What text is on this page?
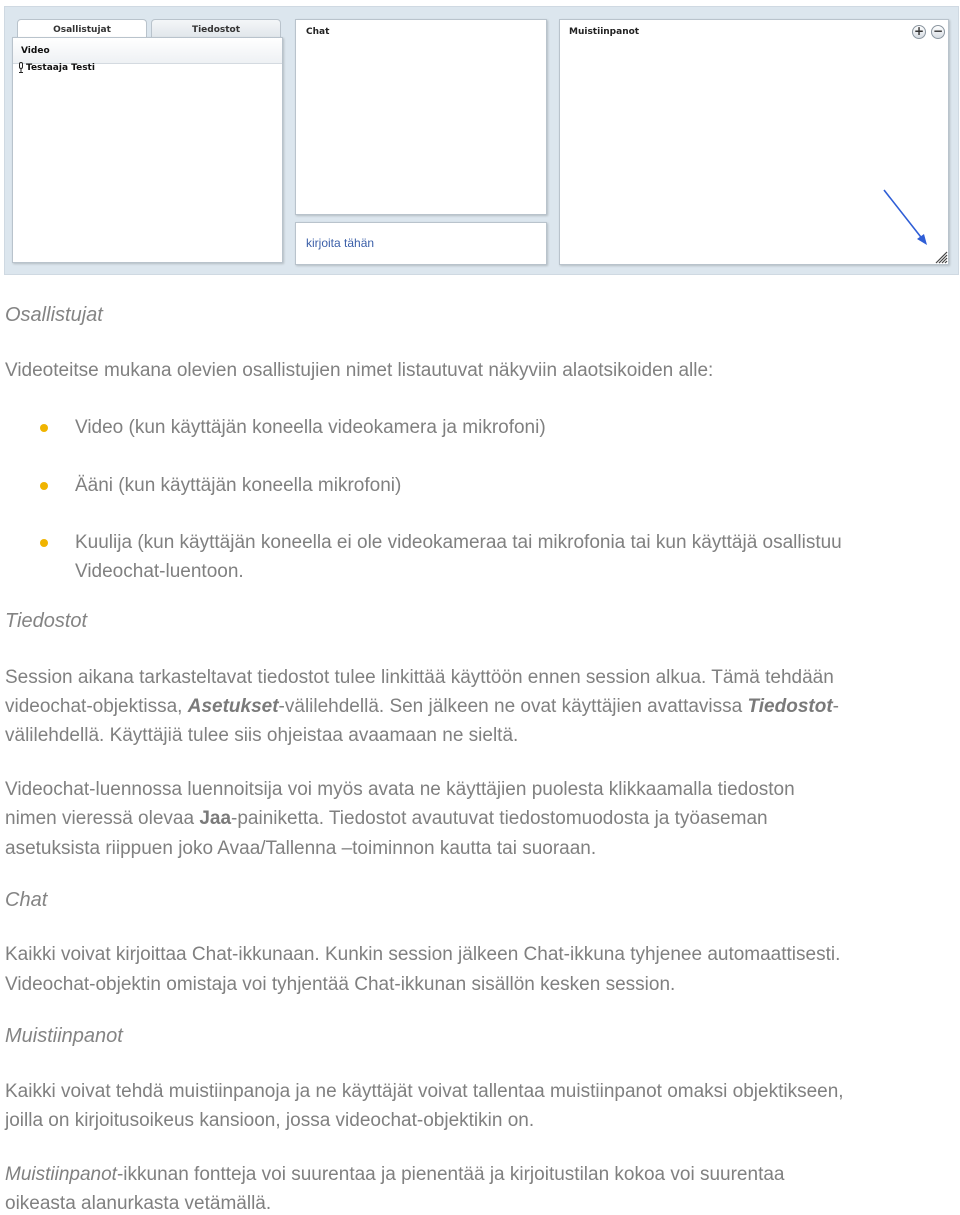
Osallistujat	Tiedostot
Video
Testaaja Testi
Chat
kirjoita tähän
Muistiinpanot	+ −
Osallistujat
Videoteitse mukana olevien osallistujien nimet listautuvat näkyviin alaotsikoiden alle:
Video (kun käyttäjän koneella videokamera ja mikrofoni)
Ääni (kun käyttäjän koneella mikrofoni)
Kuulija (kun käyttäjän koneella ei ole videokameraa tai mikrofonia tai kun käyttäjä osallistuu
Videochat-luentoon.
Tiedostot
Session aikana tarkasteltavat tiedostot tulee linkittää käyttöön ennen session alkua. Tämä tehdään
videochat-objektissa, Asetukset-välilehdellä. Sen jälkeen ne ovat käyttäjien avattavissa Tiedostot-
välilehdellä. Käyttäjiä tulee siis ohjeistaa avaamaan ne sieltä.
Videochat-luennossa luennoitsija voi myös avata ne käyttäjien puolesta klikkaamalla tiedoston
nimen vieressä olevaa Jaa-painiketta. Tiedostot avautuvat tiedostomuodosta ja työaseman
asetuksista riippuen joko Avaa/Tallenna –toiminnon kautta tai suoraan.
Chat
Kaikki voivat kirjoittaa Chat-ikkunaan. Kunkin session jälkeen Chat-ikkuna tyhjenee automaattisesti.
Videochat-objektin omistaja voi tyhjentää Chat-ikkunan sisällön kesken session.
Muistiinpanot
Kaikki voivat tehdä muistiinpanoja ja ne käyttäjät voivat tallentaa muistiinpanot omaksi objektikseen,
joilla on kirjoitusoikeus kansioon, jossa videochat-objektikin on.
Muistiinpanot-ikkunan fontteja voi suurentaa ja pienentää ja kirjoitustilan kokoa voi suurentaa
oikeasta alanurkasta vetämällä.
